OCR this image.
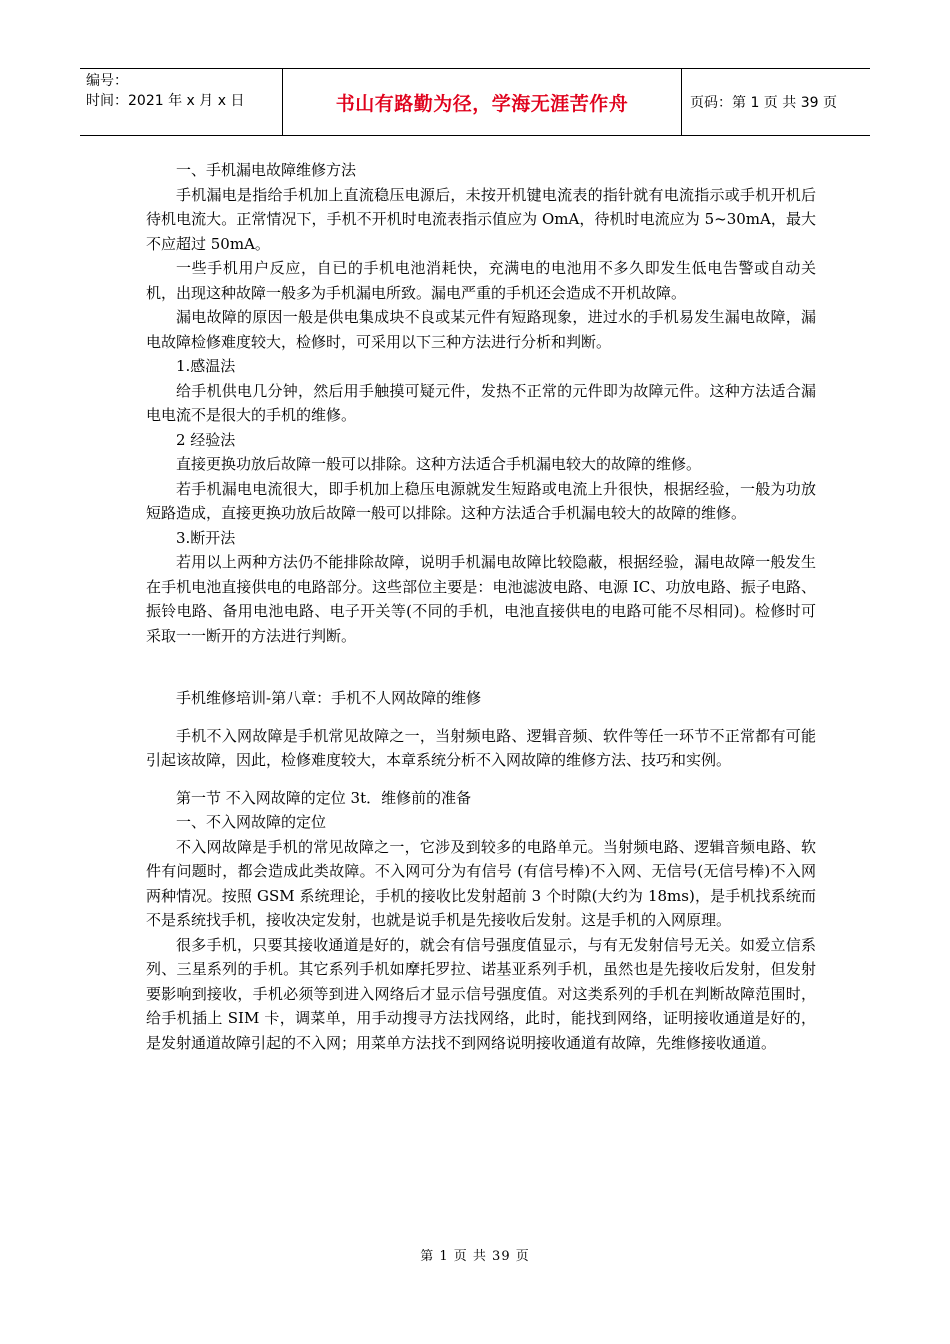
编号：
时间：2021 年 x 月 x 日	书山有路勤为径，学海无涯苦作舟	页码：第 1 页 共 39 页

一、手机漏电故障维修方法

手机漏电是指给手机加上直流稳压电源后，未按开机键电流表的指针就有电流指示或手机开机后待机电流大。正常情况下，手机不开机时电流表指示值应为 OmA，待机时电流应为 5~30mA，最大不应超过 50mA。

一些手机用户反应，自已的手机电池消耗快，充满电的电池用不多久即发生低电告警或自动关机，出现这种故障一般多为手机漏电所致。漏电严重的手机还会造成不开机故障。

漏电故障的原因一般是供电集成块不良或某元件有短路现象，进过水的手机易发生漏电故障，漏电故障检修难度较大，检修时，可采用以下三种方法进行分析和判断。

1.感温法

给手机供电几分钟，然后用手触摸可疑元件，发热不正常的元件即为故障元件。这种方法适合漏电电流不是很大的手机的维修。

2 经验法

直接更换功放后故障一般可以排除。这种方法适合手机漏电较大的故障的维修。

若手机漏电电流很大，即手机加上稳压电源就发生短路或电流上升很快，根据经验，一般为功放短路造成，直接更换功放后故障一般可以排除。这种方法适合手机漏电较大的故障的维修。

3.断开法

若用以上两种方法仍不能排除故障，说明手机漏电故障比较隐蔽，根据经验，漏电故障一般发生在手机电池直接供电的电路部分。这些部位主要是：电池滤波电路、电源 IC、功放电路、振子电路、振铃电路、备用电池电路、电子开关等(不同的手机，电池直接供电的电路可能不尽相同)。检修时可采取一一断开的方法进行判断。

手机维修培训-第八章：手机不人网故障的维修

手机不入网故障是手机常见故障之一，当射频电路、逻辑音频、软件等任一环节不正常都有可能引起该故障，因此，检修难度较大，本章系统分析不入网故障的维修方法、技巧和实例。

第一节 不入网故障的定位 3t．维修前的准备

一、不入网故障的定位

不入网故障是手机的常见故障之一，它涉及到较多的电路单元。当射频电路、逻辑音频电路、软件有问题时，都会造成此类故障。不入网可分为有信号 (有信号棒)不入网、无信号(无信号棒)不入网两种情况。按照 GSM 系统理论，手机的接收比发射超前 3 个时隙(大约为 18ms)，是手机找系统而不是系统找手机，接收决定发射，也就是说手机是先接收后发射。这是手机的入网原理。

很多手机，只要其接收通道是好的，就会有信号强度值显示，与有无发射信号无关。如爱立信系列、三星系列的手机。其它系列手机如摩托罗拉、诺基亚系列手机，虽然也是先接收后发射，但发射要影响到接收，手机必须等到进入网络后才显示信号强度值。对这类系列的手机在判断故障范围时，给手机插上 SIM 卡，调菜单，用手动搜寻方法找网络，此时，能找到网络，证明接收通道是好的，是发射通道故障引起的不入网；用菜单方法找不到网络说明接收通道有故障，先维修接收通道。

第 1 页 共 39 页
